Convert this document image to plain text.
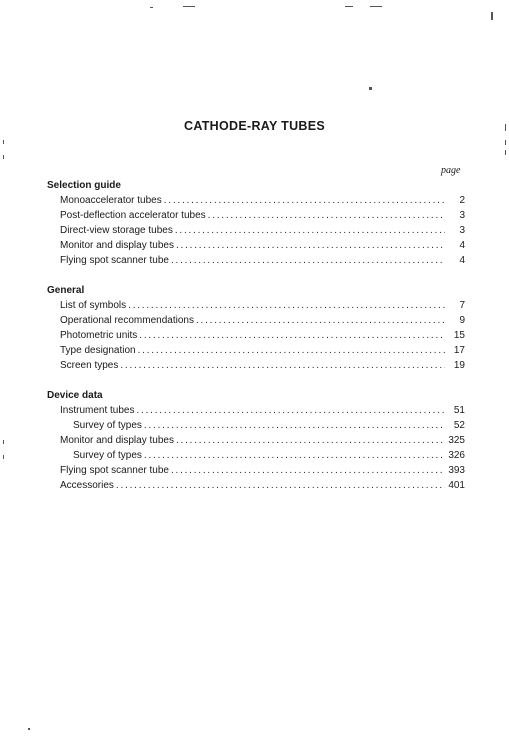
CATHODE-RAY TUBES
page
Selection guide
Monoaccelerator tubes . . .	2
Post-deflection accelerator tubes . . .	3
Direct-view storage tubes . . .	3
Monitor and display tubes . . .	4
Flying spot scanner tube . . .	4
General
List of symbols . . .	7
Operational recommendations . . .	9
Photometric units . . .	15
Type designation . . .	17
Screen types . . .	19
Device data
Instrument tubes . . .	51
Survey of types . . .	52
Monitor and display tubes . . .	325
Survey of types . . .	326
Flying spot scanner tube . . .	393
Accessories . . .	401
